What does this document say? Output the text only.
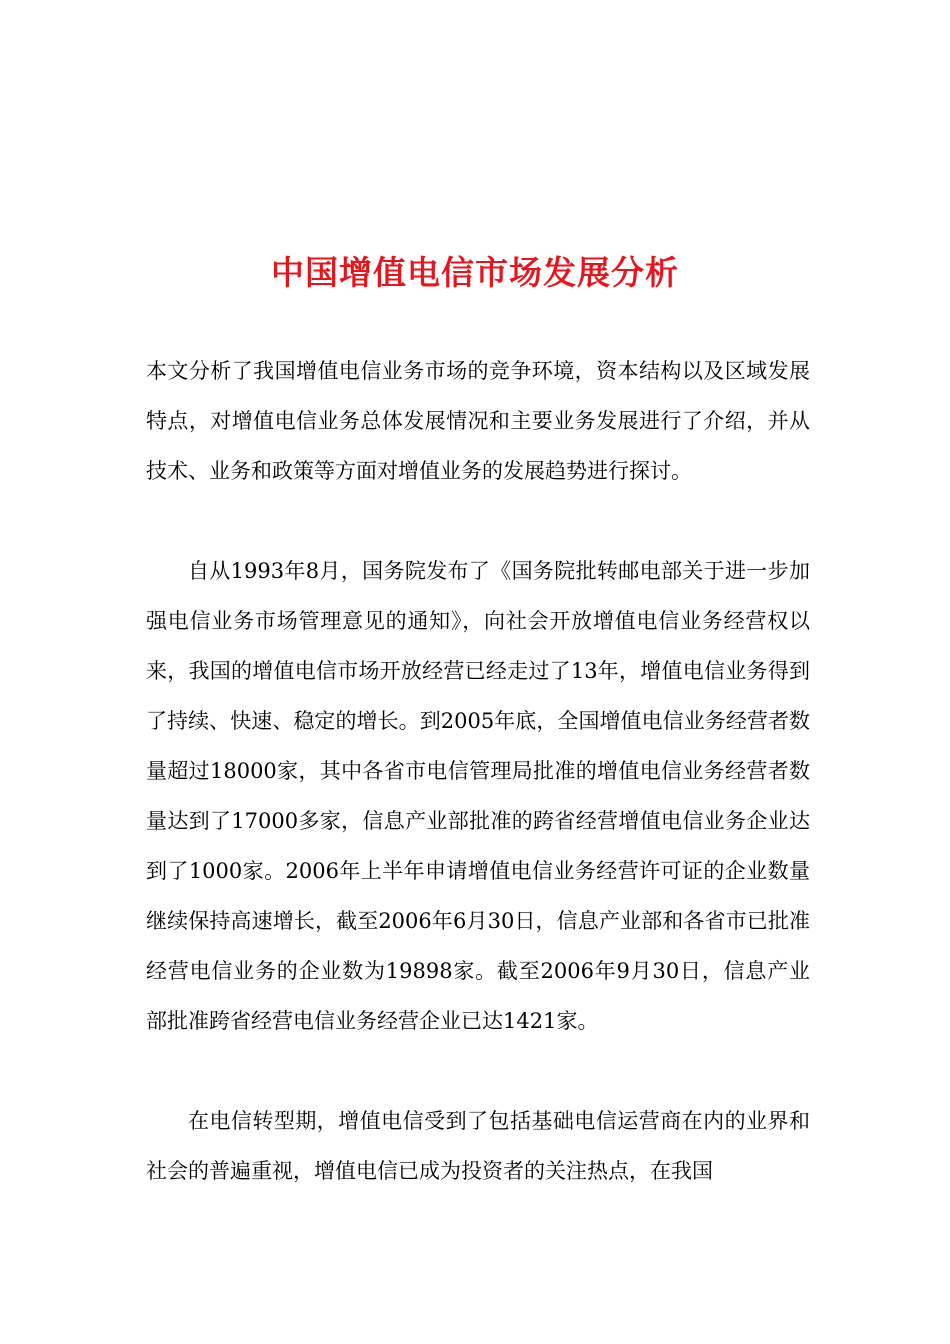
中国增值电信市场发展分析

本文分析了我国增值电信业务市场的竞争环境，资本结构以及区域发展特点，对增值电信业务总体发展情况和主要业务发展进行了介绍，并从技术、业务和政策等方面对增值业务的发展趋势进行探讨。

自从1993年8月，国务院发布了《国务院批转邮电部关于进一步加强电信业务市场管理意见的通知》，向社会开放增值电信业务经营权以来，我国的增值电信市场开放经营已经走过了13年，增值电信业务得到了持续、快速、稳定的增长。到2005年底，全国增值电信业务经营者数量超过18000家，其中各省市电信管理局批准的增值电信业务经营者数量达到了17000多家，信息产业部批准的跨省经营增值电信业务企业达到了1000家。2006年上半年申请增值电信业务经营许可证的企业数量继续保持高速增长，截至2006年6月30日，信息产业部和各省市已批准经营电信业务的企业数为19898家。截至2006年9月30日，信息产业部批准跨省经营电信业务经营企业已达1421家。

在电信转型期，增值电信受到了包括基础电信运营商在内的业界和社会的普遍重视，增值电信已成为投资者的关注热点，在我国
